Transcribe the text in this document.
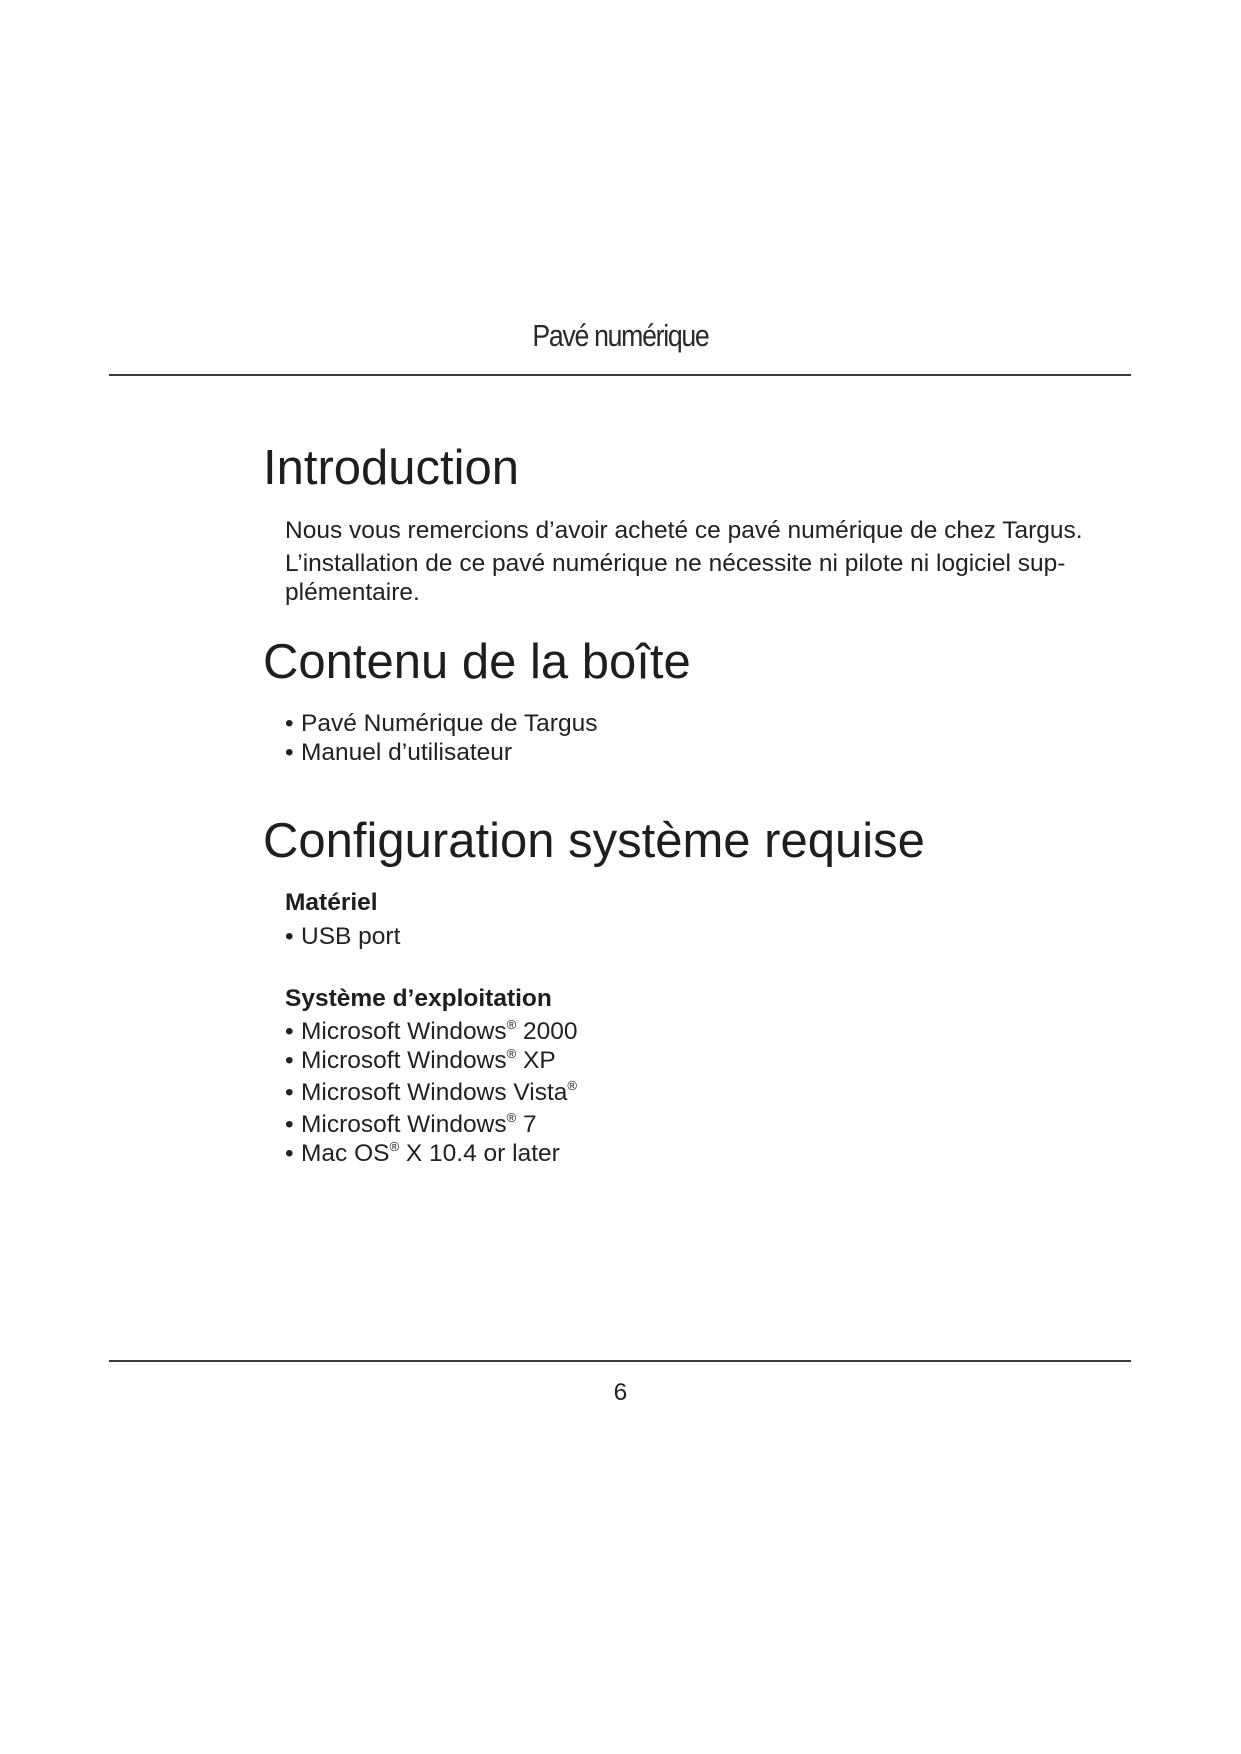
Pavé numérique
Introduction

Nous vous remercions d’avoir acheté ce pavé numérique de chez Targus.

L’installation de ce pavé numérique ne nécessite ni pilote ni logiciel sup-plémentaire.

Contenu de la boîte
• Pavé Numérique de Targus
• Manuel d’utilisateur
Configuration système requise
Matériel
• USB port
Système d’exploitation
• Microsoft Windows® 2000
• Microsoft Windows® XP
• Microsoft Windows Vista®
• Microsoft Windows® 7
• Mac OS® X 10.4 or later
6
